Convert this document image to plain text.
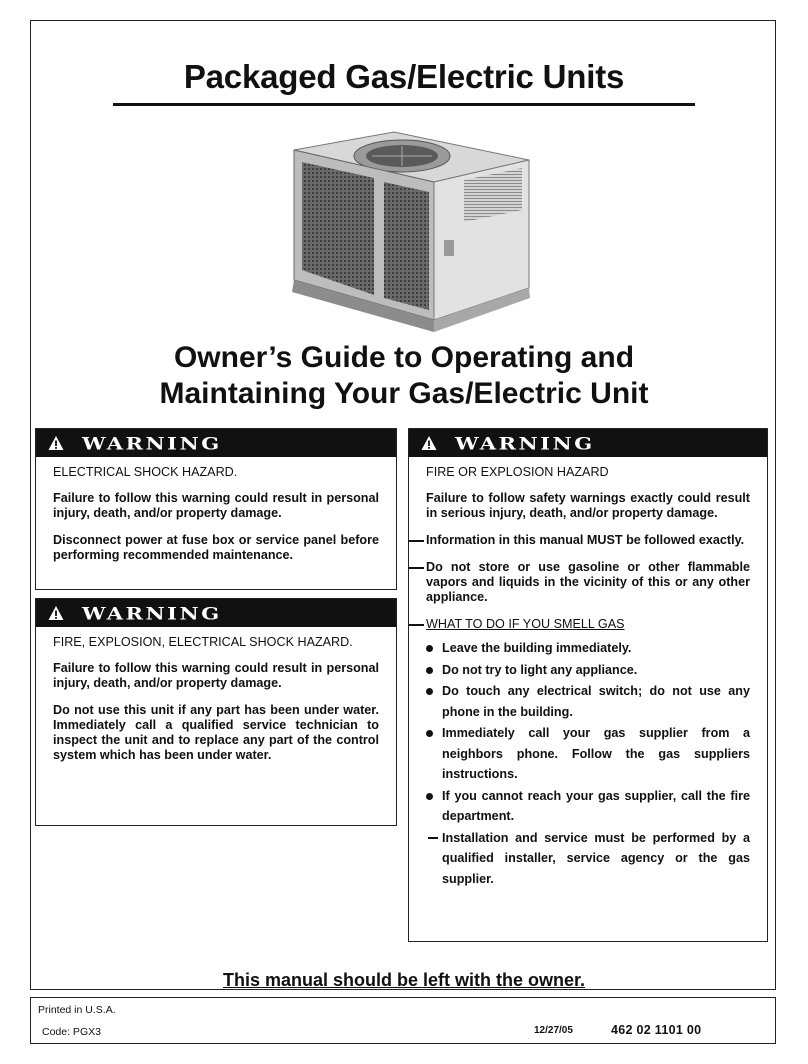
Packaged Gas/Electric Units
Owner’s Guide to Operating and
Maintaining Your Gas/Electric Unit
WARNING
ELECTRICAL SHOCK HAZARD.
Failure to follow this warning could result in personal injury, death, and/or property damage.
Disconnect power at fuse box or service panel before performing recommended maintenance.
WARNING
FIRE, EXPLOSION, ELECTRICAL SHOCK HAZARD.
Failure to follow this warning could result in personal injury, death, and/or property damage.
Do not use this unit if any part has been under water. Immediately call a qualified service technician to inspect the unit and to replace any part of the control system which has been under water.
WARNING
FIRE OR EXPLOSION HAZARD
Failure to follow safety warnings exactly could result in serious injury, death, and/or property damage.
Information in this manual MUST be followed exactly.
Do not store or use gasoline or other flammable vapors and liquids in the vicinity of this or any other appliance.
WHAT TO DO IF YOU SMELL GAS
Leave the building immediately.
Do not try to light any appliance.
Do touch any electrical switch; do not use any phone in the building.
Immediately call your gas supplier from a neighbors phone. Follow the gas suppliers instructions.
If you cannot reach your gas supplier, call the fire department.
Installation and service must be performed by a qualified installer, service agency or the gas supplier.
This manual should be left with the owner.
Printed in U.S.A.
Code: PGX3	12/27/05	462 02 1101 00
